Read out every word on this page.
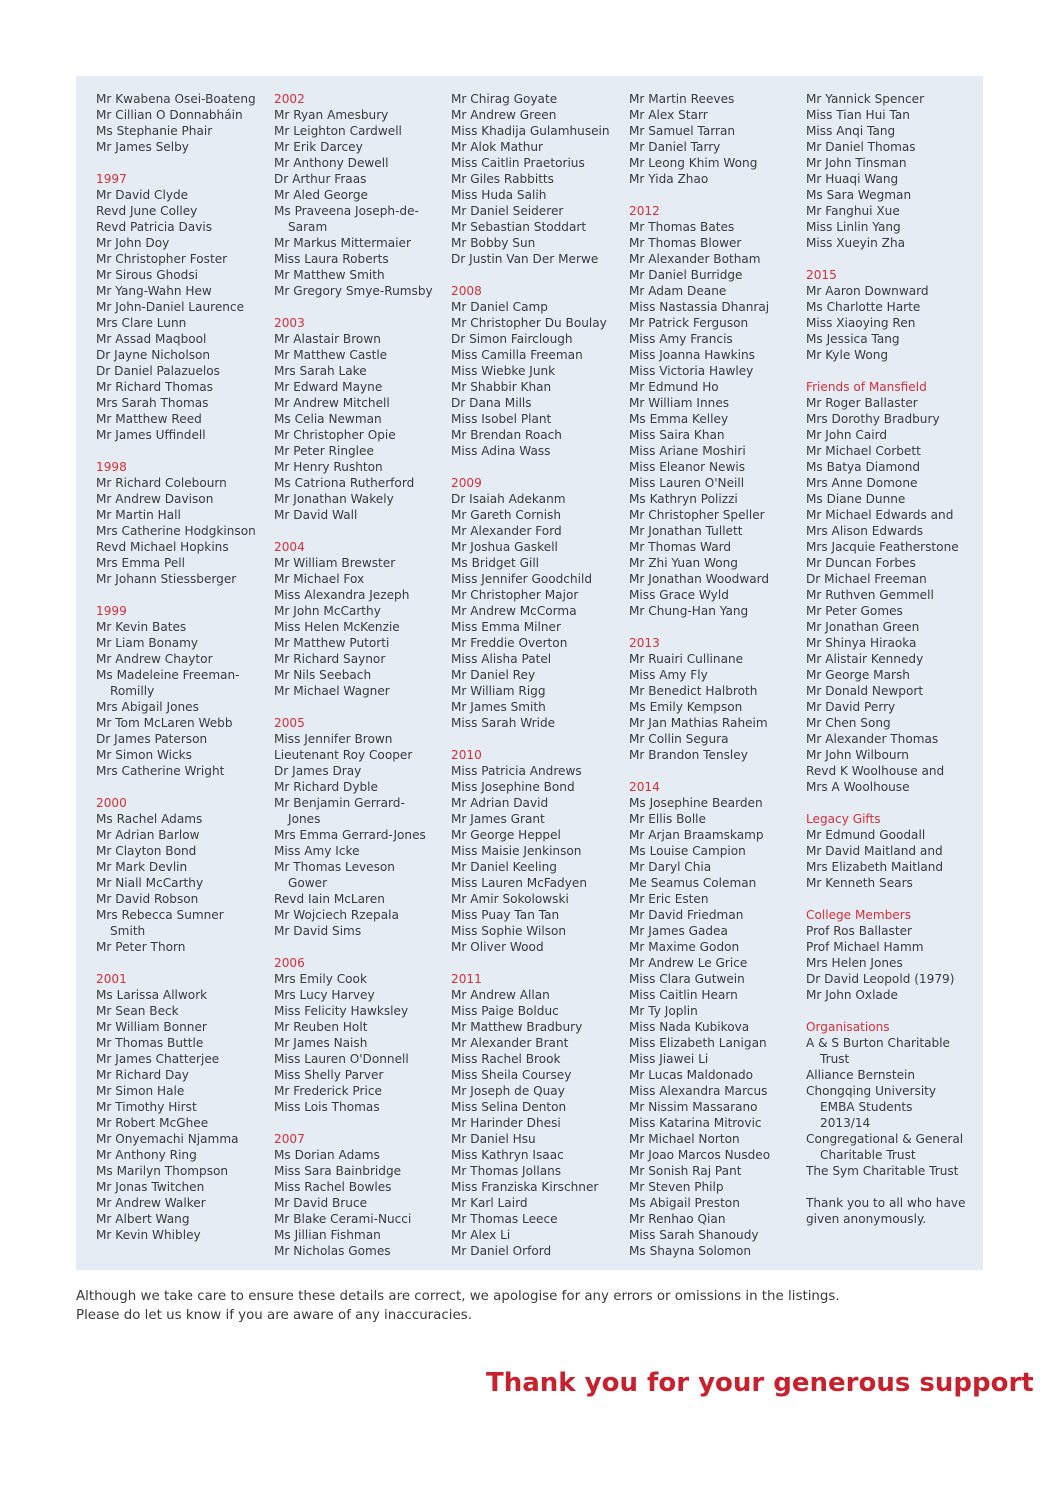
Mr Kwabena Osei-Boateng
Mr Cillian O Donnabháin
Ms Stephanie Phair
Mr James Selby
1997
Mr David Clyde
Revd June Colley
Revd Patricia Davis
Mr John Doy
Mr Christopher Foster
Mr Sirous Ghodsi
Mr Yang-Wahn Hew
Mr John-Daniel Laurence
Mrs Clare Lunn
Mr Assad Maqbool
Dr Jayne Nicholson
Dr Daniel Palazuelos
Mr Richard Thomas
Mrs Sarah Thomas
Mr Matthew Reed
Mr James Uffindell
1998
Mr Richard Colebourn
Mr Andrew Davison
Mr Martin Hall
Mrs Catherine Hodgkinson
Revd Michael Hopkins
Mrs Emma Pell
Mr Johann Stiessberger
1999
Mr Kevin Bates
Mr Liam Bonamy
Mr Andrew Chaytor
Ms Madeleine Freeman-
Romilly
Mrs Abigail Jones
Mr Tom McLaren Webb
Dr James Paterson
Mr Simon Wicks
Mrs Catherine Wright
2000
Ms Rachel Adams
Mr Adrian Barlow
Mr Clayton Bond
Mr Mark Devlin
Mr Niall McCarthy
Mr David Robson
Mrs Rebecca Sumner
Smith
Mr Peter Thorn
2001
Ms Larissa Allwork
Mr Sean Beck
Mr William Bonner
Mr Thomas Buttle
Mr James Chatterjee
Mr Richard Day
Mr Simon Hale
Mr Timothy Hirst
Mr Robert McGhee
Mr Onyemachi Njamma
Mr Anthony Ring
Ms Marilyn Thompson
Mr Jonas Twitchen
Mr Andrew Walker
Mr Albert Wang
Mr Kevin Whibley
2002
Mr Ryan Amesbury
Mr Leighton Cardwell
Mr Erik Darcey
Mr Anthony Dewell
Dr Arthur Fraas
Mr Aled George
Ms Praveena Joseph-de-
Saram
Mr Markus Mittermaier
Miss Laura Roberts
Mr Matthew Smith
Mr Gregory Smye-Rumsby
2003
Mr Alastair Brown
Mr Matthew Castle
Mrs Sarah Lake
Mr Edward Mayne
Mr Andrew Mitchell
Ms Celia Newman
Mr Christopher Opie
Mr Peter Ringlee
Mr Henry Rushton
Ms Catriona Rutherford
Mr Jonathan Wakely
Mr David Wall
2004
Mr William Brewster
Mr Michael Fox
Miss Alexandra Jezeph
Mr John McCarthy
Miss Helen McKenzie
Mr Matthew Putorti
Mr Richard Saynor
Mr Nils Seebach
Mr Michael Wagner
2005
Miss Jennifer Brown
Lieutenant Roy Cooper
Dr James Dray
Mr Richard Dyble
Mr Benjamin Gerrard-
Jones
Mrs Emma Gerrard-Jones
Miss Amy Icke
Mr Thomas Leveson
Gower
Revd Iain McLaren
Mr Wojciech Rzepala
Mr David Sims
2006
Mrs Emily Cook
Mrs Lucy Harvey
Miss Felicity Hawksley
Mr Reuben Holt
Mr James Naish
Miss Lauren O'Donnell
Miss Shelly Parver
Mr Frederick Price
Miss Lois Thomas
2007
Ms Dorian Adams
Miss Sara Bainbridge
Miss Rachel Bowles
Mr David Bruce
Mr Blake Cerami-Nucci
Ms Jillian Fishman
Mr Nicholas Gomes
Mr Chirag Goyate
Mr Andrew Green
Miss Khadija Gulamhusein
Mr Alok Mathur
Miss Caitlin Praetorius
Mr Giles Rabbitts
Miss Huda Salih
Mr Daniel Seiderer
Mr Sebastian Stoddart
Mr Bobby Sun
Dr Justin Van Der Merwe
2008
Mr Daniel Camp
Mr Christopher Du Boulay
Dr Simon Fairclough
Miss Camilla Freeman
Miss Wiebke Junk
Mr Shabbir Khan
Dr Dana Mills
Miss Isobel Plant
Mr Brendan Roach
Miss Adina Wass
2009
Dr Isaiah Adekanm
Mr Gareth Cornish
Mr Alexander Ford
Mr Joshua Gaskell
Ms Bridget Gill
Miss Jennifer Goodchild
Mr Christopher Major
Mr Andrew McCorma
Miss Emma Milner
Mr Freddie Overton
Miss Alisha Patel
Mr Daniel Rey
Mr William Rigg
Mr James Smith
Miss Sarah Wride
2010
Miss Patricia Andrews
Miss Josephine Bond
Mr Adrian David
Mr James Grant
Mr George Heppel
Miss Maisie Jenkinson
Mr Daniel Keeling
Miss Lauren McFadyen
Mr Amir Sokolowski
Miss Puay Tan Tan
Miss Sophie Wilson
Mr Oliver Wood
2011
Mr Andrew Allan
Miss Paige Bolduc
Mr Matthew Bradbury
Mr Alexander Brant
Miss Rachel Brook
Miss Sheila Coursey
Mr Joseph de Quay
Miss Selina Denton
Mr Harinder Dhesi
Mr Daniel Hsu
Miss Kathryn Isaac
Mr Thomas Jollans
Miss Franziska Kirschner
Mr Karl Laird
Mr Thomas Leece
Mr Alex Li
Mr Daniel Orford
Mr Martin Reeves
Mr Alex Starr
Mr Samuel Tarran
Mr Daniel Tarry
Mr Leong Khim Wong
Mr Yida Zhao
2012
Mr Thomas Bates
Mr Thomas Blower
Mr Alexander Botham
Mr Daniel Burridge
Mr Adam Deane
Miss Nastassia Dhanraj
Mr Patrick Ferguson
Miss Amy Francis
Miss Joanna Hawkins
Miss Victoria Hawley
Mr Edmund Ho
Mr William Innes
Ms Emma Kelley
Miss Saira Khan
Miss Ariane Moshiri
Miss Eleanor Newis
Miss Lauren O'Neill
Ms Kathryn Polizzi
Mr Christopher Speller
Mr Jonathan Tullett
Mr Thomas Ward
Mr Zhi Yuan Wong
Mr Jonathan Woodward
Miss Grace Wyld
Mr Chung-Han Yang
2013
Mr Ruairi Cullinane
Miss Amy Fly
Mr Benedict Halbroth
Ms Emily Kempson
Mr Jan Mathias Raheim
Mr Collin Segura
Mr Brandon Tensley
2014
Ms Josephine Bearden
Mr Ellis Bolle
Mr Arjan Braamskamp
Ms Louise Campion
Mr Daryl Chia
Me Seamus Coleman
Mr Eric Esten
Mr David Friedman
Mr James Gadea
Mr Maxime Godon
Mr Andrew Le Grice
Miss Clara Gutwein
Miss Caitlin Hearn
Mr Ty Joplin
Miss Nada Kubikova
Miss Elizabeth Lanigan
Miss Jiawei Li
Mr Lucas Maldonado
Miss Alexandra Marcus
Mr Nissim Massarano
Miss Katarina Mitrovic
Mr Michael Norton
Mr Joao Marcos Nusdeo
Mr Sonish Raj Pant
Mr Steven Philp
Ms Abigail Preston
Mr Renhao Qian
Miss Sarah Shanoudy
Ms Shayna Solomon
Mr Yannick Spencer
Miss Tian Hui Tan
Miss Anqi Tang
Mr Daniel Thomas
Mr John Tinsman
Mr Huaqi Wang
Ms Sara Wegman
Mr Fanghui Xue
Miss Linlin Yang
Miss Xueyin Zha
2015
Mr Aaron Downward
Ms Charlotte Harte
Miss Xiaoying Ren
Ms Jessica Tang
Mr Kyle Wong
Friends of Mansfield
Mr Roger Ballaster
Mrs Dorothy Bradbury
Mr John Caird
Mr Michael Corbett
Ms Batya Diamond
Mrs Anne Domone
Ms Diane Dunne
Mr Michael Edwards and
Mrs Alison Edwards
Mrs Jacquie Featherstone
Mr Duncan Forbes
Dr Michael Freeman
Mr Ruthven Gemmell
Mr Peter Gomes
Mr Jonathan Green
Mr Shinya Hiraoka
Mr Alistair Kennedy
Mr George Marsh
Mr Donald Newport
Mr David Perry
Mr Chen Song
Mr Alexander Thomas
Mr John Wilbourn
Revd K Woolhouse and
Mrs A Woolhouse
Legacy Gifts
Mr Edmund Goodall
Mr David Maitland and
Mrs Elizabeth Maitland
Mr Kenneth Sears
College Members
Prof Ros Ballaster
Prof Michael Hamm
Mrs Helen Jones
Dr David Leopold (1979)
Mr John Oxlade
Organisations
A & S Burton Charitable
Trust
Alliance Bernstein
Chongqing University
EMBA Students
2013/14
Congregational & General
Charitable Trust
The Sym Charitable Trust
Thank you to all who have
given anonymously.
Although we take care to ensure these details are correct, we apologise for any errors or omissions in the listings.
Please do let us know if you are aware of any inaccuracies.
Thank you for your generous support
